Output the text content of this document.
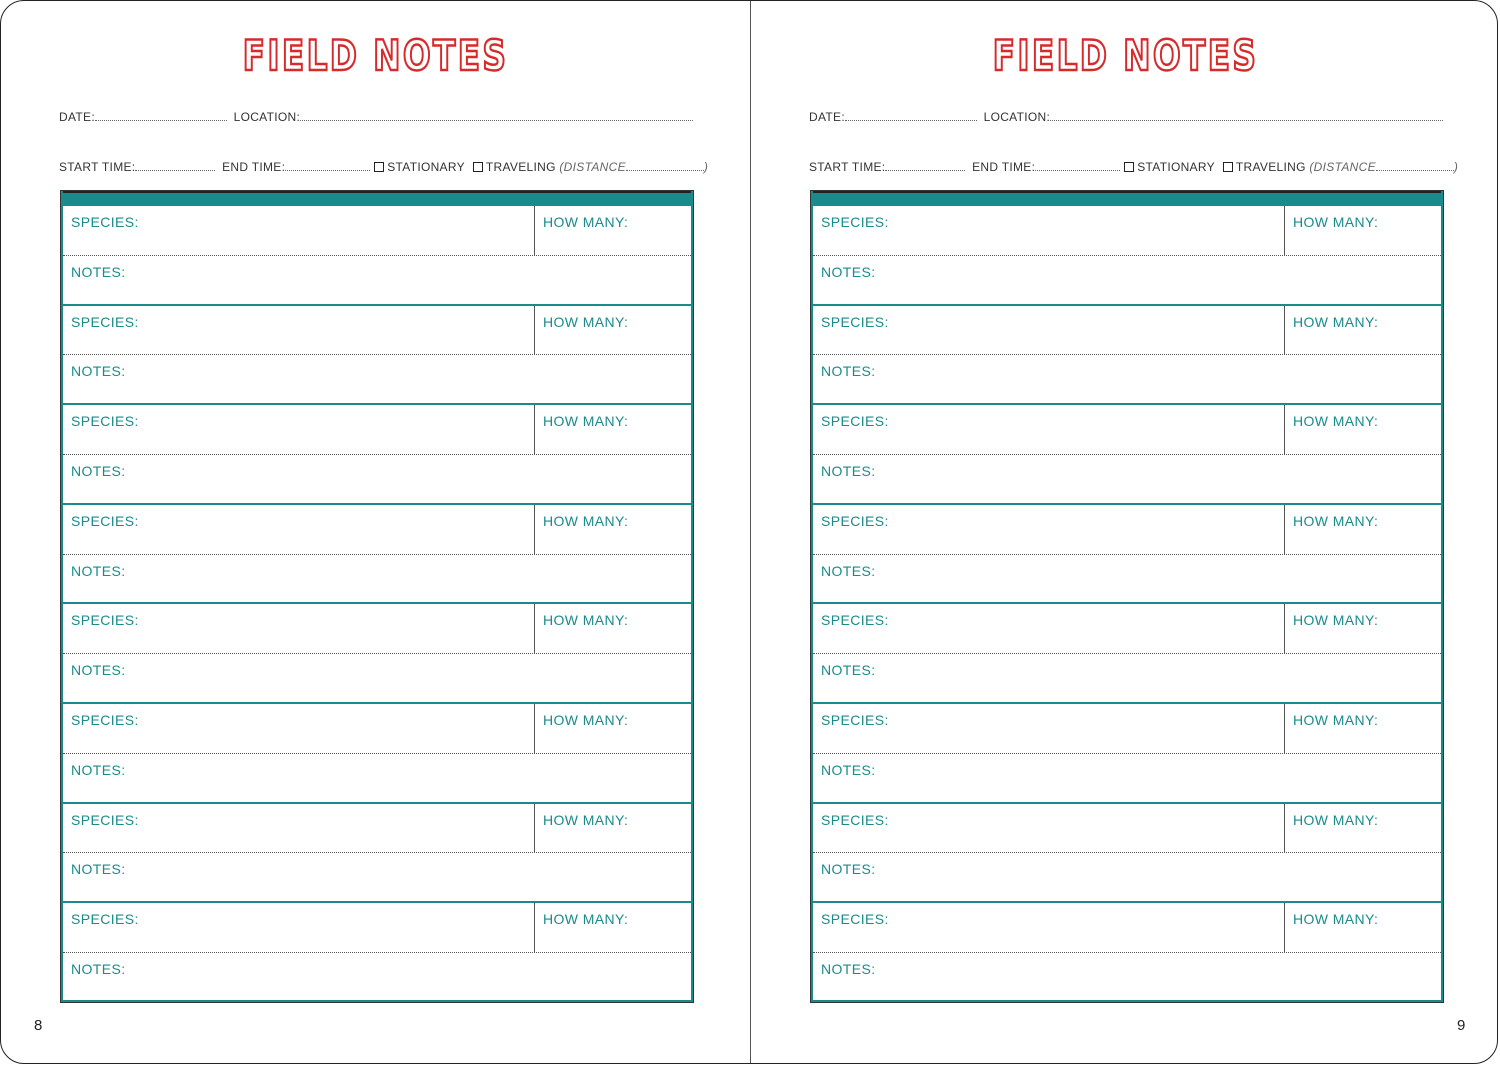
FIELD NOTES
DATE:	LOCATION:
START TIME:	END TIME:	STATIONARY TRAVELING (DISTANCE	)
SPECIES:	HOW MANY:
NOTES:
SPECIES:	HOW MANY:
NOTES:
SPECIES:	HOW MANY:
NOTES:
SPECIES:	HOW MANY:
NOTES:
SPECIES:	HOW MANY:
NOTES:
SPECIES:	HOW MANY:
NOTES:
SPECIES:	HOW MANY:
NOTES:
SPECIES:	HOW MANY:
NOTES:
8
FIELD NOTES
DATE:	LOCATION:
START TIME:	END TIME:	STATIONARY TRAVELING (DISTANCE	)
SPECIES:	HOW MANY:
NOTES:
SPECIES:	HOW MANY:
NOTES:
SPECIES:	HOW MANY:
NOTES:
SPECIES:	HOW MANY:
NOTES:
SPECIES:	HOW MANY:
NOTES:
SPECIES:	HOW MANY:
NOTES:
SPECIES:	HOW MANY:
NOTES:
SPECIES:	HOW MANY:
NOTES:
9
